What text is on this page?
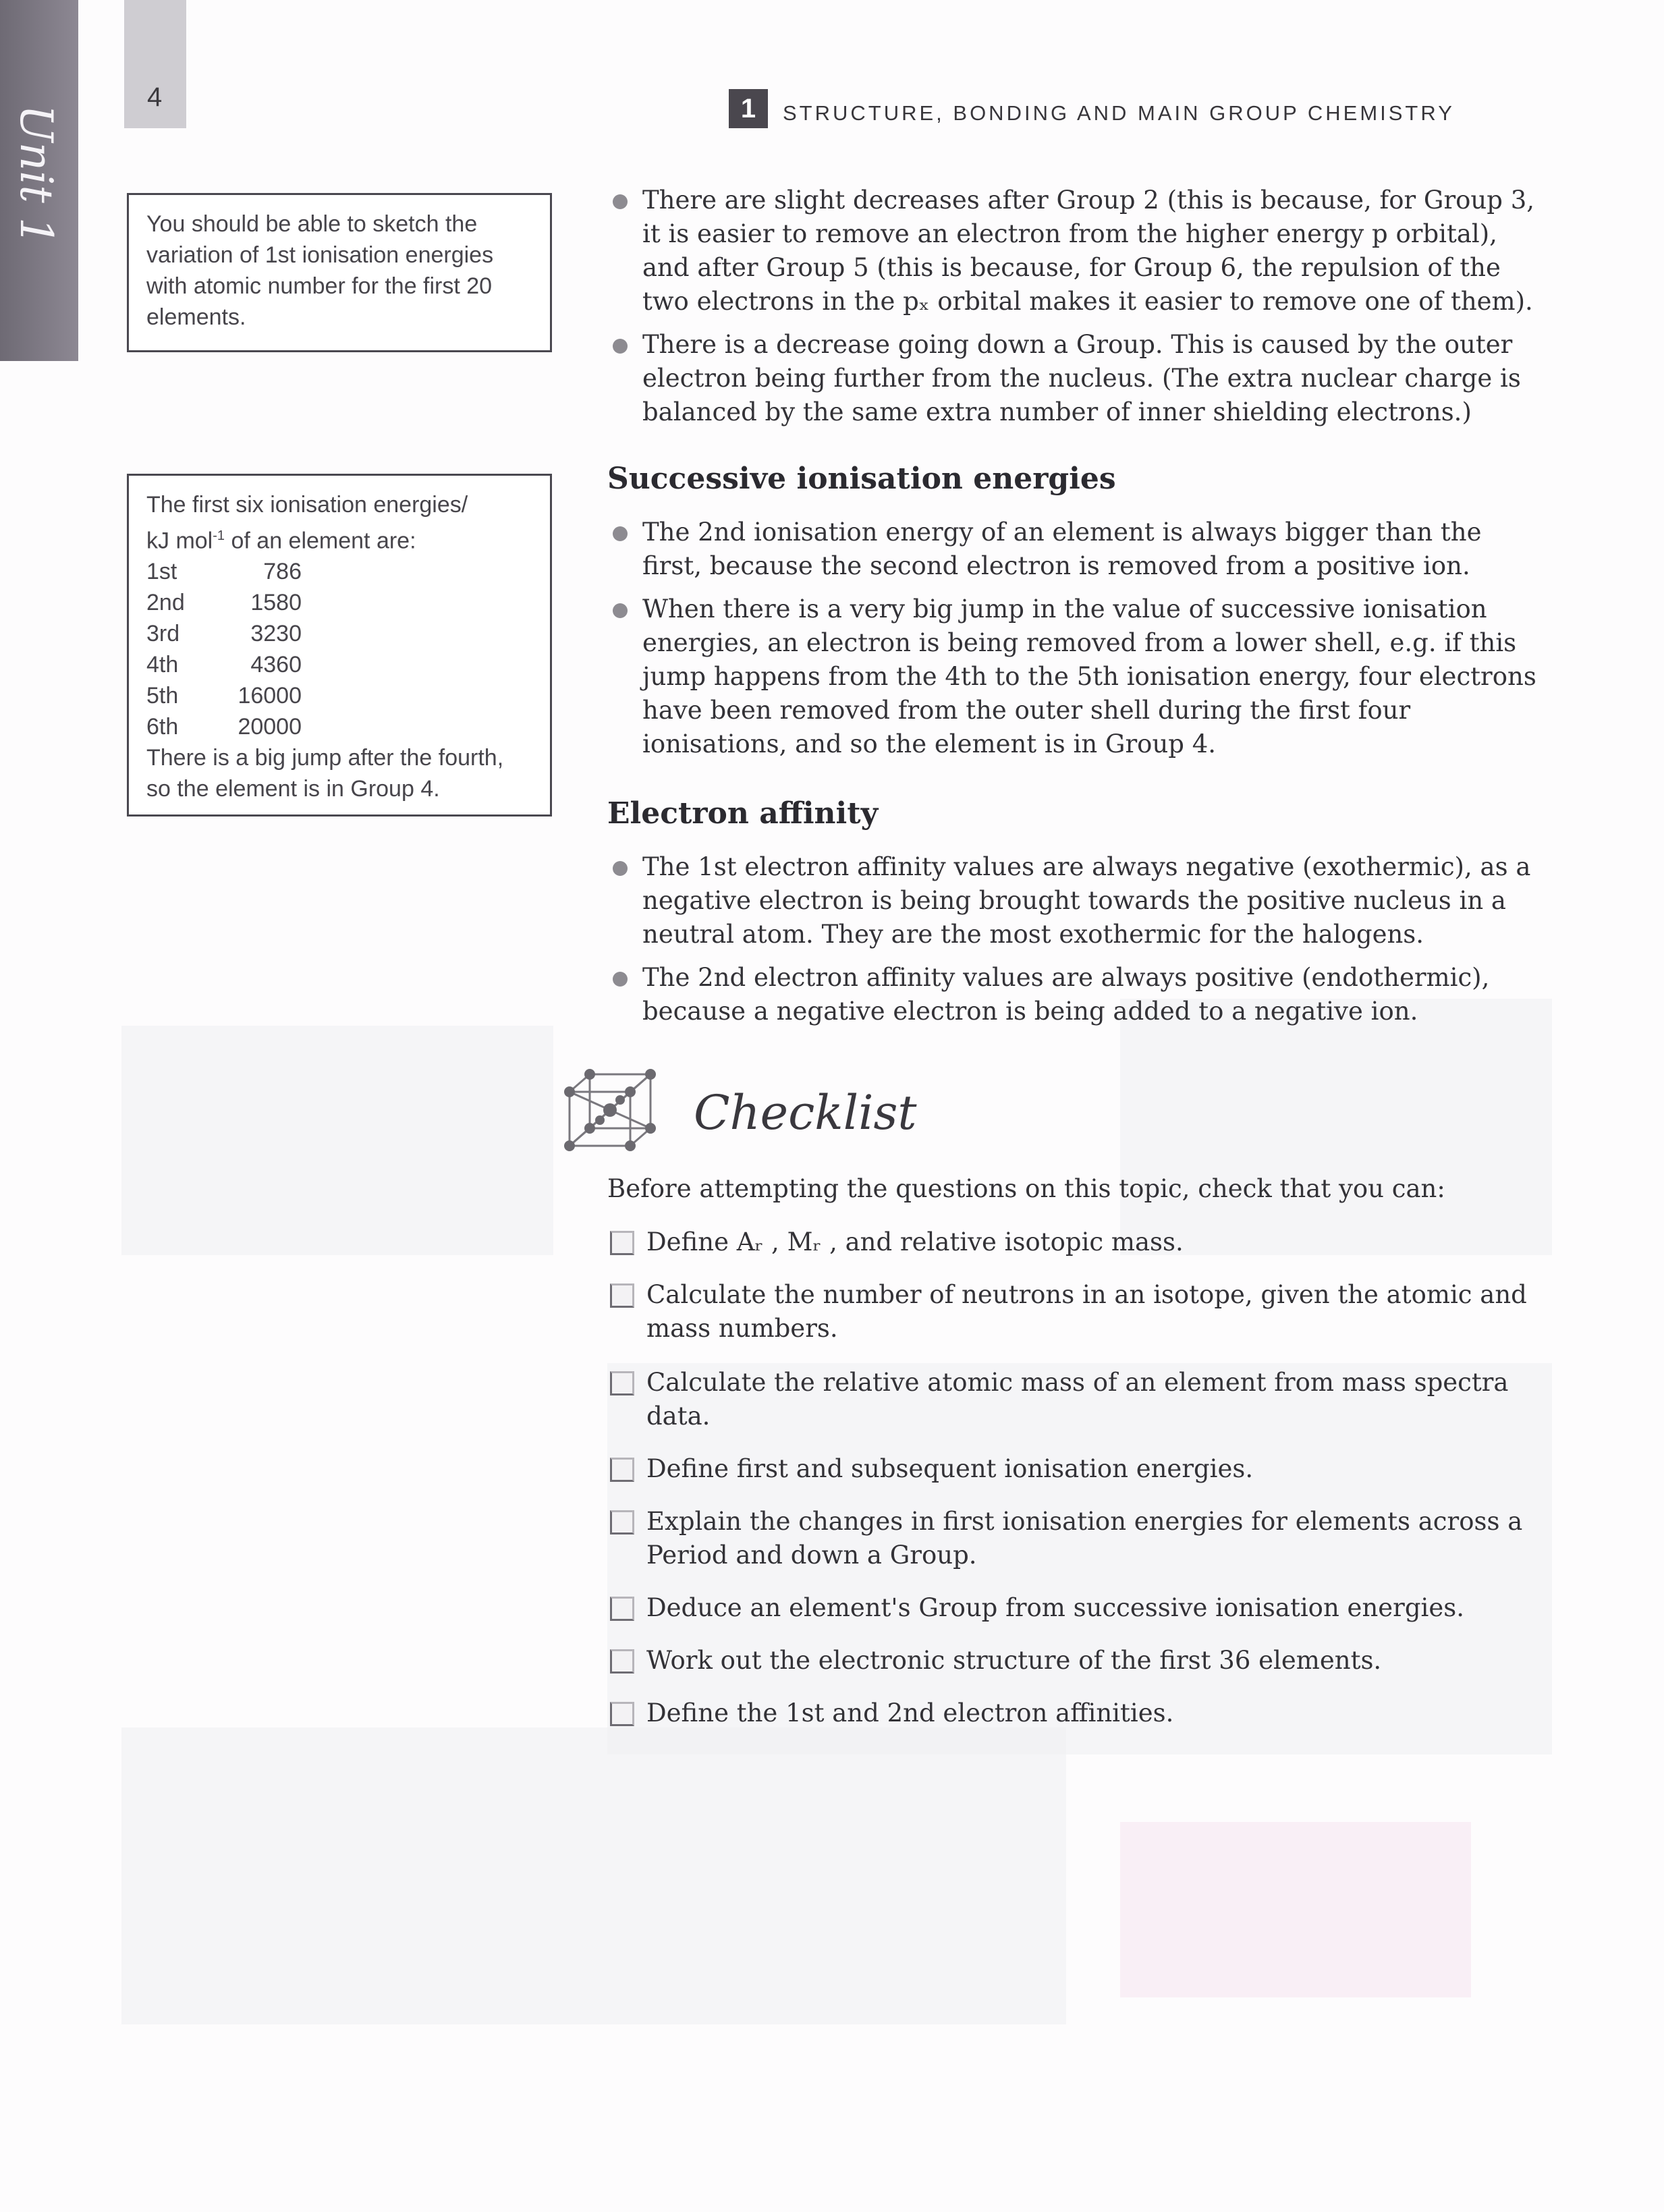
Unit 1
4	1	STRUCTURE, BONDING AND MAIN GROUP CHEMISTRY
You should be able to sketch the variation of 1st ionisation energies with atomic number for the first 20 elements.
The first six ionisation energies/
kJ mol$^{-1}$ of an element are:
1st	786
2nd	1580
3rd	3230
4th	4360
5th	16000
6th	20000
There is a big jump after the fourth, so the element is in Group 4.
There are slight decreases after Group 2 (this is because, for Group 3, it is easier to remove an electron from the higher energy p orbital), and after Group 5 (this is because, for Group 6, the repulsion of the two electrons in the pₓ orbital makes it easier to remove one of them).
There is a decrease going down a Group. This is caused by the outer electron being further from the nucleus. (The extra nuclear charge is balanced by the same extra number of inner shielding electrons.)
Successive ionisation energies
The 2nd ionisation energy of an element is always bigger than the first, because the second electron is removed from a positive ion.
When there is a very big jump in the value of successive ionisation energies, an electron is being removed from a lower shell, e.g. if this jump happens from the 4th to the 5th ionisation energy, four electrons have been removed from the outer shell during the first four ionisations, and so the element is in Group 4.
Electron affinity
The 1st electron affinity values are always negative (exothermic), as a negative electron is being brought towards the positive nucleus in a neutral atom. They are the most exothermic for the halogens.
The 2nd electron affinity values are always positive (endothermic), because a negative electron is being added to a negative ion.
Checklist
Before attempting the questions on this topic, check that you can:
Define Aᵣ , Mᵣ , and relative isotopic mass.
Calculate the number of neutrons in an isotope, given the atomic and mass numbers.
Calculate the relative atomic mass of an element from mass spectra data.
Define first and subsequent ionisation energies.
Explain the changes in first ionisation energies for elements across a Period and down a Group.
Deduce an element's Group from successive ionisation energies.
Work out the electronic structure of the first 36 elements.
Define the 1st and 2nd electron affinities.
